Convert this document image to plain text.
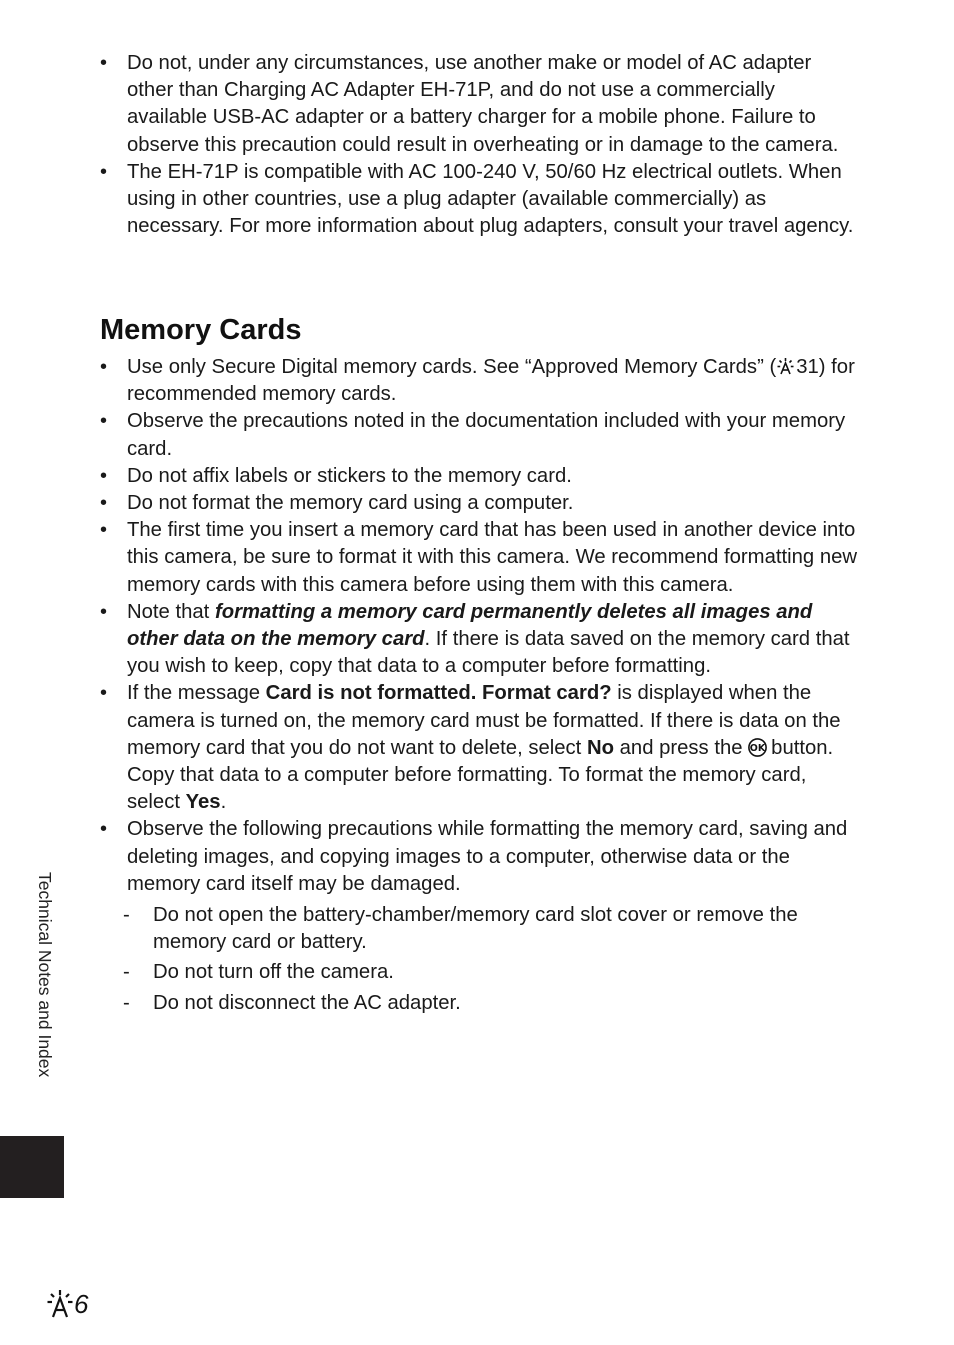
• Do not, under any circumstances, use another make or model of AC adapter other than Charging AC Adapter EH-71P, and do not use a commercially available USB-AC adapter or a battery charger for a mobile phone. Failure to observe this precaution could result in overheating or in damage to the camera.
• The EH-71P is compatible with AC 100-240 V, 50/60 Hz electrical outlets. When using in other countries, use a plug adapter (available commercially) as necessary. For more information about plug adapters, consult your travel agency.
Memory Cards
• Use only Secure Digital memory cards. See “Approved Memory Cards” ( 31) for recommended memory cards.
• Observe the precautions noted in the documentation included with your memory card.
• Do not affix labels or stickers to the memory card.
• Do not format the memory card using a computer.
• The first time you insert a memory card that has been used in another device into this camera, be sure to format it with this camera. We recommend formatting new memory cards with this camera before using them with this camera.
• Note that formatting a memory card permanently deletes all images and other data on the memory card. If there is data saved on the memory card that you wish to keep, copy that data to a computer before formatting.
• If the message Card is not formatted. Format card? is displayed when the camera is turned on, the memory card must be formatted. If there is data on the memory card that you do not want to delete, select No and press the OK button. Copy that data to a computer before formatting. To format the memory card, select Yes.
• Observe the following precautions while formatting the memory card, saving and deleting images, and copying images to a computer, otherwise data or the memory card itself may be damaged.
- Do not open the battery-chamber/memory card slot cover or remove the memory card or battery.
- Do not turn off the camera.
- Do not disconnect the AC adapter.
Technical Notes and Index
6
